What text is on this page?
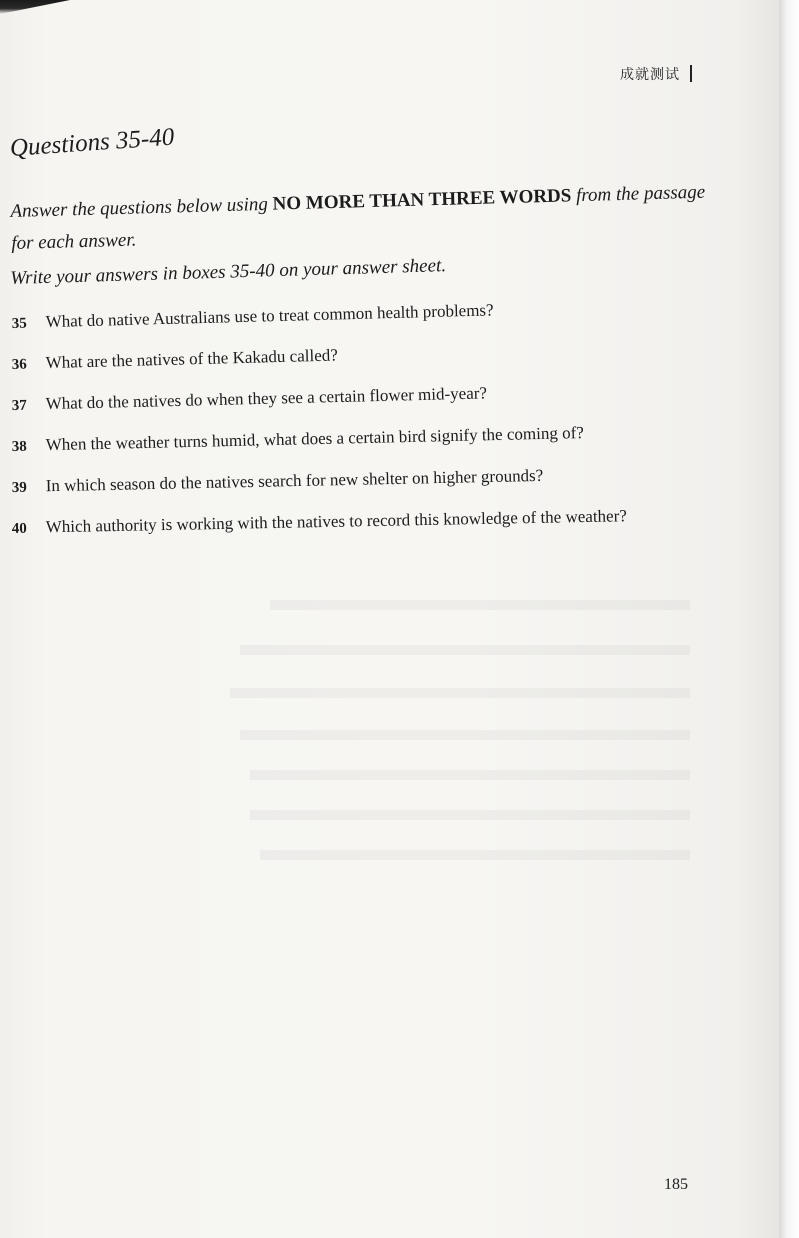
成就测试
Questions 35-40
Answer the questions below using NO MORE THAN THREE WORDS from the passage for each answer.
Write your answers in boxes 35-40 on your answer sheet.
35 What do native Australians use to treat common health problems?
36 What are the natives of the Kakadu called?
37 What do the natives do when they see a certain flower mid-year?
38 When the weather turns humid, what does a certain bird signify the coming of?
39 In which season do the natives search for new shelter on higher grounds?
40 Which authority is working with the natives to record this knowledge of the weather?
185
